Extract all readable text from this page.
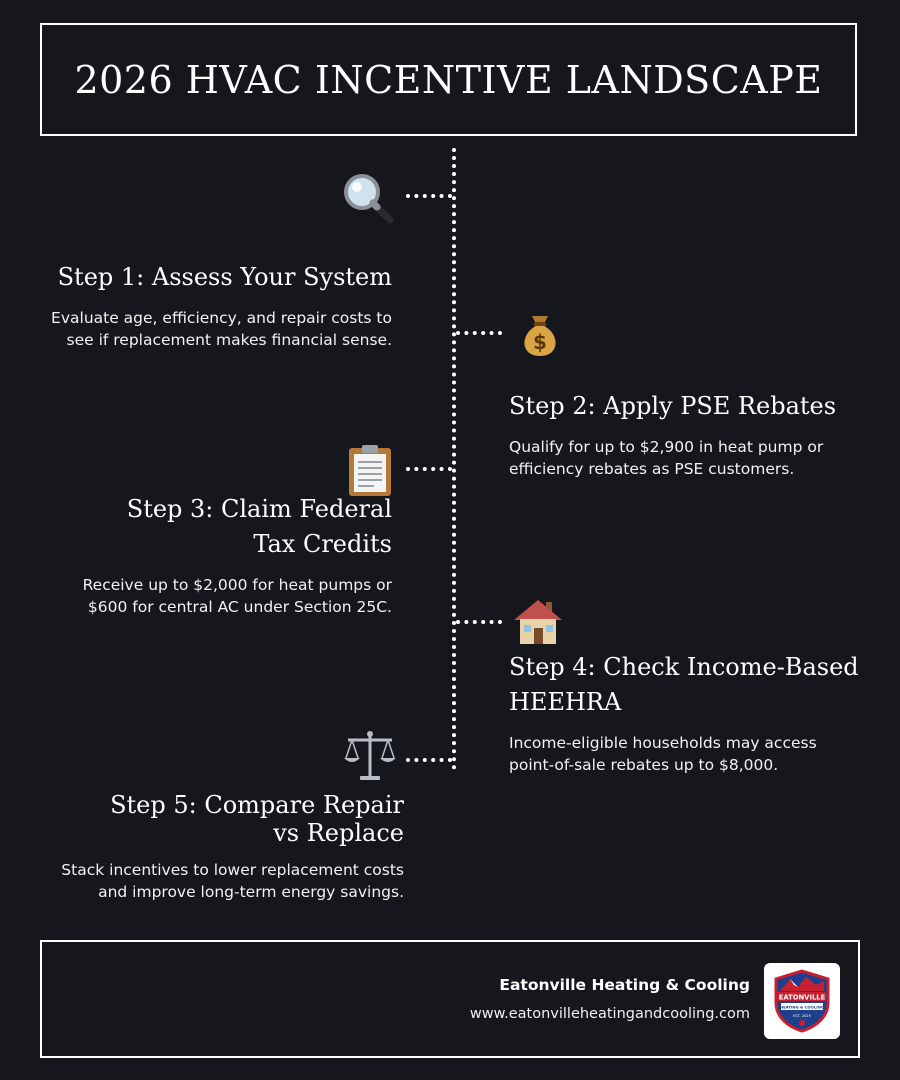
2026 HVAC INCENTIVE LANDSCAPE
$
Step 1: Assess Your System

Evaluate age, efficiency, and repair costs to see if replacement makes financial sense.

Step 2: Apply PSE Rebates

Qualify for up to $2,900 in heat pump or efficiency rebates as PSE customers.

Step 3: Claim Federal Tax Credits

Receive up to $2,000 for heat pumps or $600 for central AC under Section 25C.

Step 4: Check Income-Based HEEHRA

Income-eligible households may access point-of-sale rebates up to $8,000.

Step 5: Compare Repair vs Replace

Stack incentives to lower replacement costs and improve long-term energy savings.

Eatonville Heating & Cooling
www.eatonvilleheatingandcooling.com
EATONVILLE
HEATING & COOLING
EST. 2025
